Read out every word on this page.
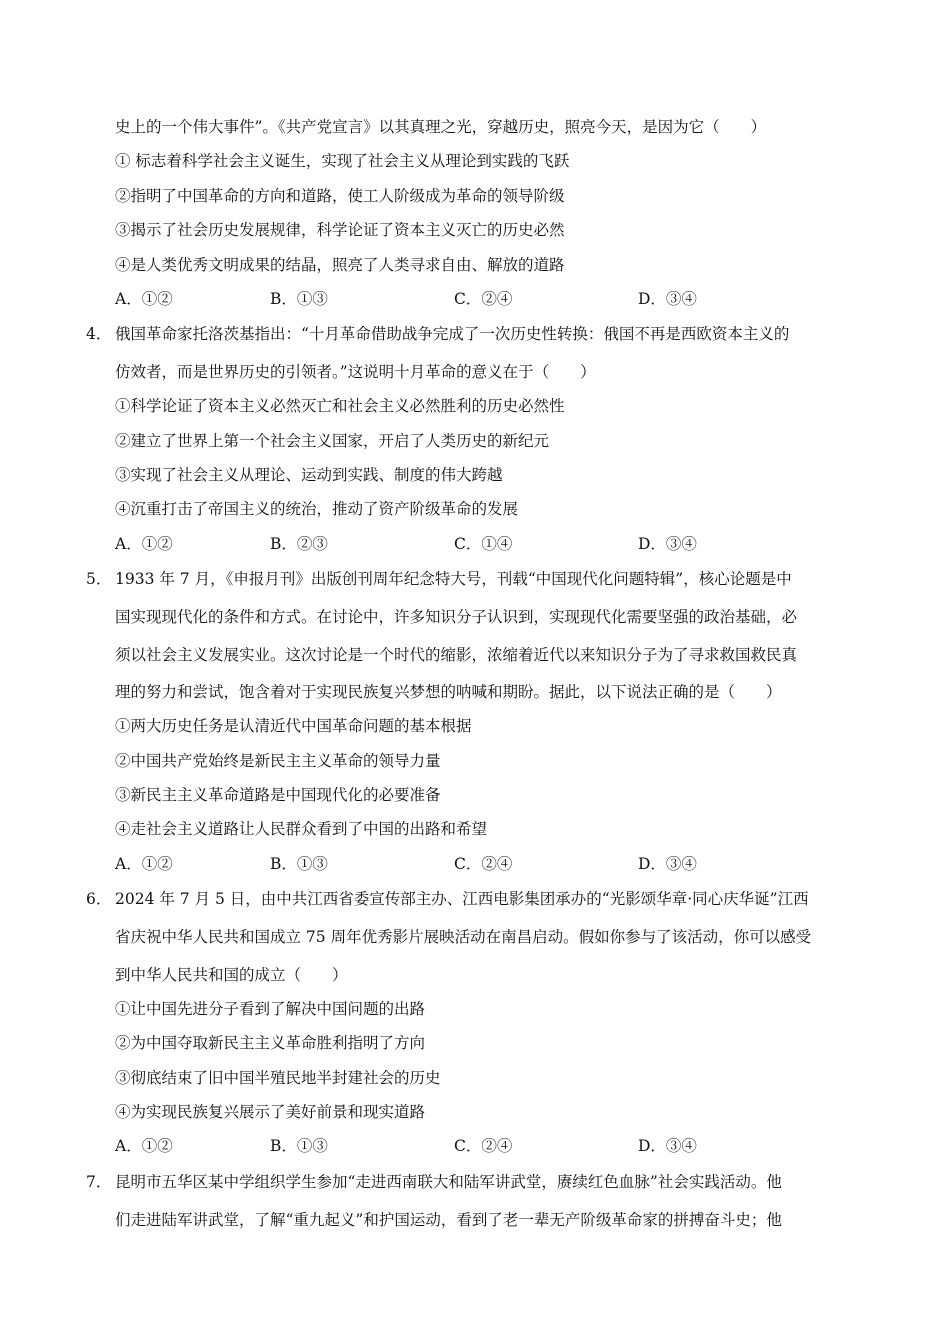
史上的一个伟大事件”。《共产党宣言》以其真理之光，穿越历史，照亮今天，是因为它（　　）
① 标志着科学社会主义诞生，实现了社会主义从理论到实践的飞跃
②指明了中国革命的方向和道路，使工人阶级成为革命的领导阶级
③揭示了社会历史发展规律，科学论证了资本主义灭亡的历史必然
④是人类优秀文明成果的结晶，照亮了人类寻求自由、解放的道路
A．①②	B．①③	C．②④	D．③④
4． 俄国革命家托洛茨基指出：“十月革命借助战争完成了一次历史性转换：俄国不再是西欧资本主义的
仿效者，而是世界历史的引领者。”这说明十月革命的意义在于（　　）
①科学论证了资本主义必然灭亡和社会主义必然胜利的历史必然性
②建立了世界上第一个社会主义国家，开启了人类历史的新纪元
③实现了社会主义从理论、运动到实践、制度的伟大跨越
④沉重打击了帝国主义的统治，推动了资产阶级革命的发展
A．①②	B．②③	C．①④	D．③④
5． 1933 年 7 月，《申报月刊》出版创刊周年纪念特大号，刊载“中国现代化问题特辑”，核心论题是中
国实现现代化的条件和方式。在讨论中，许多知识分子认识到，实现现代化需要坚强的政治基础，必
须以社会主义发展实业。这次讨论是一个时代的缩影，浓缩着近代以来知识分子为了寻求救国救民真
理的努力和尝试，饱含着对于实现民族复兴梦想的呐喊和期盼。据此，以下说法正确的是（　　）
①两大历史任务是认清近代中国革命问题的基本根据
②中国共产党始终是新民主主义革命的领导力量
③新民主主义革命道路是中国现代化的必要准备
④走社会主义道路让人民群众看到了中国的出路和希望
A．①②	B．①③	C．②④	D．③④
6． 2024 年 7 月 5 日，由中共江西省委宣传部主办、江西电影集团承办的“光影颂华章·同心庆华诞”江西
省庆祝中华人民共和国成立 75 周年优秀影片展映活动在南昌启动。假如你参与了该活动，你可以感受
到中华人民共和国的成立（　　）
①让中国先进分子看到了解决中国问题的出路
②为中国夺取新民主主义革命胜利指明了方向
③彻底结束了旧中国半殖民地半封建社会的历史
④为实现民族复兴展示了美好前景和现实道路
A．①②	B．①③	C．②④	D．③④
7． 昆明市五华区某中学组织学生参加“走进西南联大和陆军讲武堂，赓续红色血脉”社会实践活动。他
们走进陆军讲武堂，了解“重九起义”和护国运动，看到了老一辈无产阶级革命家的拼搏奋斗史；他
